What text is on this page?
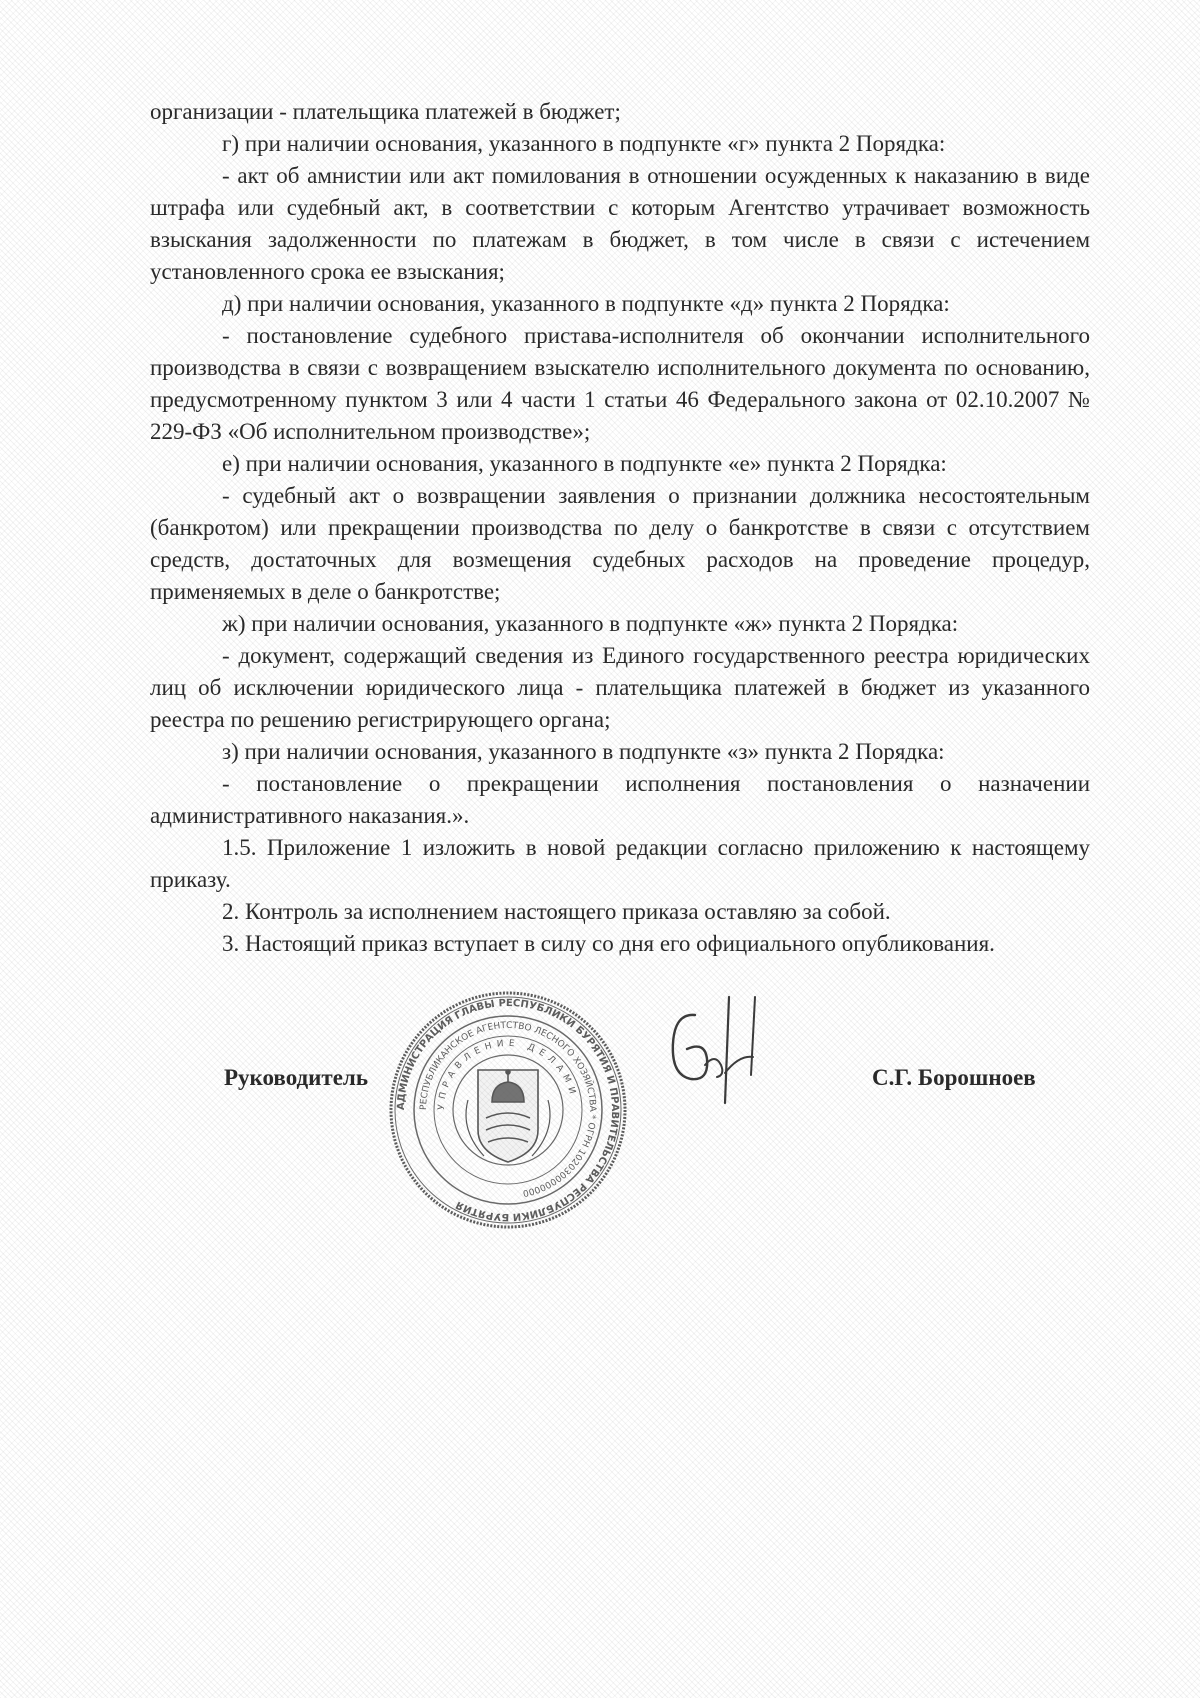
организации - плательщика платежей в бюджет;

г) при наличии основания, указанного в подпункте «г» пункта 2 Порядка:

- акт об амнистии или акт помилования в отношении осужденных к наказанию в виде штрафа или судебный акт, в соответствии с которым Агентство утрачивает возможность взыскания задолженности по платежам в бюджет, в том числе в связи с истечением установленного срока ее взыскания;

д) при наличии основания, указанного в подпункте «д» пункта 2 Порядка:

- постановление судебного пристава-исполнителя об окончании исполнительного производства в связи с возвращением взыскателю исполнительного документа по основанию, предусмотренному пунктом 3 или 4 части 1 статьи 46 Федерального закона от 02.10.2007 № 229-ФЗ «Об исполнительном производстве»;

е) при наличии основания, указанного в подпункте «е» пункта 2 Порядка:

- судебный акт о возвращении заявления о признании должника несостоятельным (банкротом) или прекращении производства по делу о банкротстве в связи с отсутствием средств, достаточных для возмещения судебных расходов на проведение процедур, применяемых в деле о банкротстве;

ж) при наличии основания, указанного в подпункте «ж» пункта 2 Порядка:

- документ, содержащий сведения из Единого государственного реестра юридических лиц об исключении юридического лица - плательщика платежей в бюджет из указанного реестра по решению регистрирующего органа;

з) при наличии основания, указанного в подпункте «з» пункта 2 Порядка:

- постановление о прекращении исполнения постановления о назначении административного наказания.».

1.5. Приложение 1 изложить в новой редакции согласно приложению к настоящему приказу.

2. Контроль за исполнением настоящего приказа оставляю за собой.

3. Настоящий приказ вступает в силу со дня его официального опубликования.

Руководитель	С.Г. Борошноев
АДМИНИСТРАЦИЯ ГЛАВЫ РЕСПУБЛИКИ БУРЯТИЯ И ПРАВИТЕЛЬСТВА РЕСПУБЛИКИ БУРЯТИЯ
РЕСПУБЛИКАНСКОЕ АГЕНТСТВО ЛЕСНОГО ХОЗЯЙСТВА * ОГРН 1020300000000
УПРАВЛЕНИЕ ДЕЛАМИ
